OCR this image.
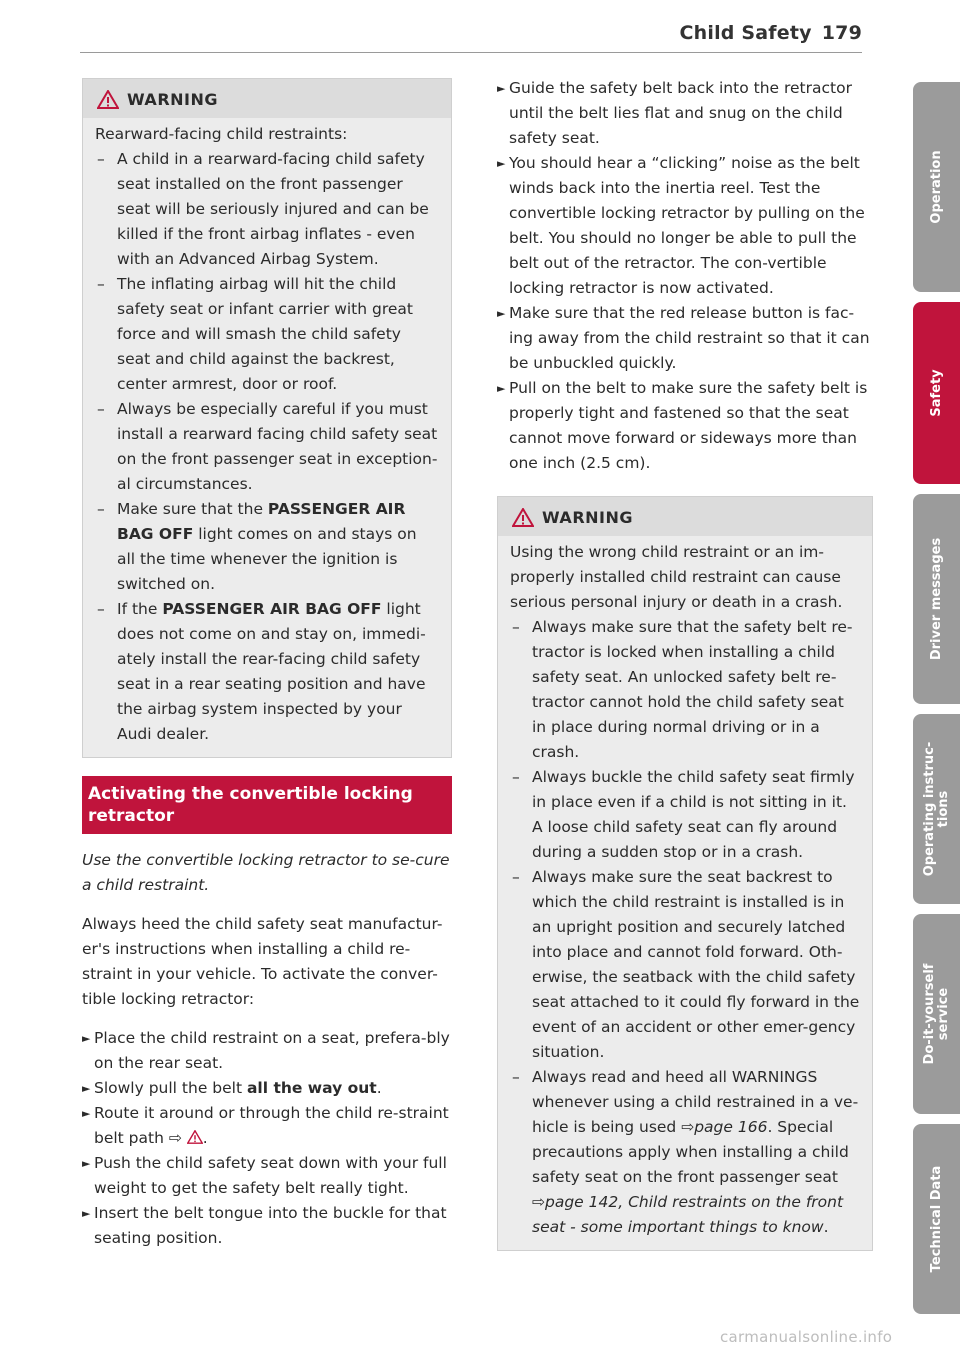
Child Safety 179
WARNING

Rearward-facing child restraints:

– A child in a rearward-facing child safety seat installed on the front passenger seat will be seriously injured and can be killed if the front airbag inflates - even with an Advanced Airbag System.

– The inflating airbag will hit the child safety seat or infant carrier with great force and will smash the child safety seat and child against the backrest, center armrest, door or roof.

– Always be especially careful if you must install a rearward facing child safety seat on the front passenger seat in exception-al circumstances.

– Make sure that the PASSENGER AIR BAG OFF light comes on and stays on all the time whenever the ignition is switched on.

– If the PASSENGER AIR BAG OFF light does not come on and stay on, immedi-ately install the rear-facing child safety seat in a rear seating position and have the airbag system inspected by your Audi dealer.

Activating the convertible locking retractor

Use the convertible locking retractor to se-cure a child restraint.

Always heed the child safety seat manufactur-er's instructions when installing a child re-straint in your vehicle. To activate the conver-tible locking retractor:

► Place the child restraint on a seat, prefera-bly on the rear seat.

► Slowly pull the belt all the way out.

► Route it around or through the child re-straint belt path ⇨ .

► Push the child safety seat down with your full weight to get the safety belt really tight.

► Insert the belt tongue into the buckle for that seating position.

► Guide the safety belt back into the retractor until the belt lies flat and snug on the child safety seat.

► You should hear a “clicking” noise as the belt winds back into the inertia reel. Test the convertible locking retractor by pulling on the belt. You should no longer be able to pull the belt out of the retractor. The con-vertible locking retractor is now activated.

► Make sure that the red release button is fac-ing away from the child restraint so that it can be unbuckled quickly.

► Pull on the belt to make sure the safety belt is properly tight and fastened so that the seat cannot move forward or sideways more than one inch (2.5 cm).

WARNING

Using the wrong child restraint or an im-properly installed child restraint can cause serious personal injury or death in a crash.

– Always make sure that the safety belt re-tractor is locked when installing a child safety seat. An unlocked safety belt re-tractor cannot hold the child safety seat in place during normal driving or in a crash.

– Always buckle the child safety seat firmly in place even if a child is not sitting in it. A loose child safety seat can fly around during a sudden stop or in a crash.

– Always make sure the seat backrest to which the child restraint is installed is in an upright position and securely latched into place and cannot fold forward. Oth-erwise, the seatback with the child safety seat attached to it could fly forward in the event of an accident or other emer-gency situation.

– Always read and heed all WARNINGS whenever using a child restrained in a ve-hicle is being used ⇨page 166. Special precautions apply when installing a child safety seat on the front passenger seat ⇨page 142, Child restraints on the front seat - some important things to know.

Operation
Safety
Driver messages
Operating instruc- tions
Do-it-yourself service
Technical Data
carmanualsonline.info
